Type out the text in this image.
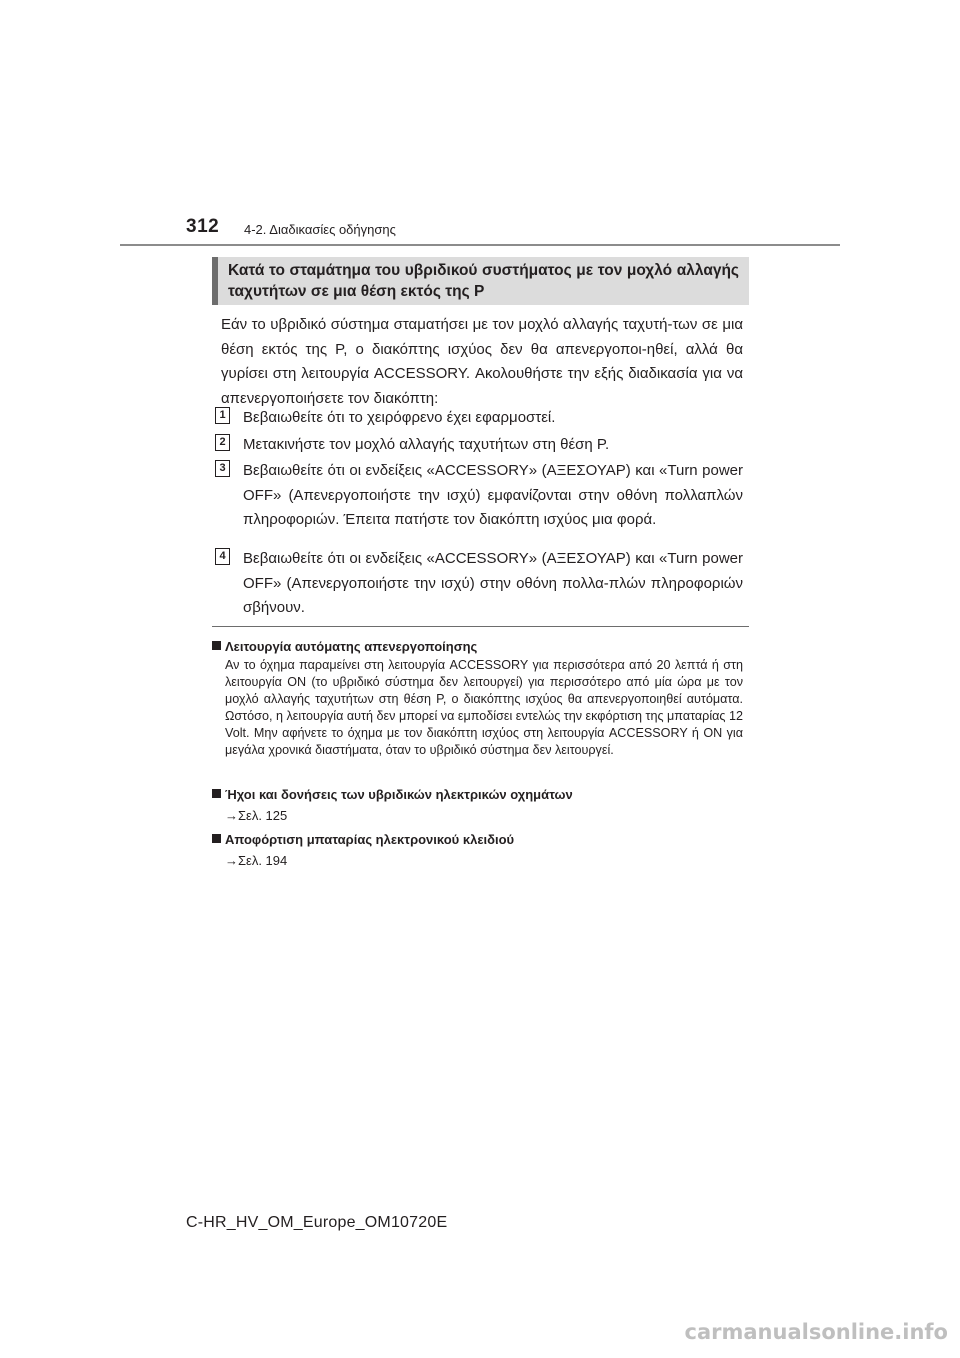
312 4-2. Διαδικασίες οδήγησης
Κατά το σταμάτημα του υβριδικού συστήματος με τον μοχλό αλλαγής ταχυτήτων σε μια θέση εκτός της P

Εάν το υβριδικό σύστημα σταματήσει με τον μοχλό αλλαγής ταχυτή-των σε μια θέση εκτός της P, ο διακόπτης ισχύος δεν θα απενεργοποι-ηθεί, αλλά θα γυρίσει στη λειτουργία ACCESSORY. Ακολουθήστε την εξής διαδικασία για να απενεργοποιήσετε τον διακόπτη:

1 Βεβαιωθείτε ότι το χειρόφρενο έχει εφαρμοστεί.

2 Μετακινήστε τον μοχλό αλλαγής ταχυτήτων στη θέση P.

3 Βεβαιωθείτε ότι οι ενδείξεις «ACCESSORY» (ΑΞΕΣΟΥΑΡ) και «Turn power OFF» (Απενεργοποιήστε την ισχύ) εμφανίζονται στην οθόνη πολλαπλών πληροφοριών. Έπειτα πατήστε τον διακόπτη ισχύος μια φορά.

4 Βεβαιωθείτε ότι οι ενδείξεις «ACCESSORY» (ΑΞΕΣΟΥΑΡ) και «Turn power OFF» (Απενεργοποιήστε την ισχύ) στην οθόνη πολλα-πλών πληροφοριών σβήνουν.

Λειτουργία αυτόματης απενεργοποίησης

Αν το όχημα παραμείνει στη λειτουργία ACCESSORY για περισσότερα από 20 λεπτά ή στη λειτουργία ON (το υβριδικό σύστημα δεν λειτουργεί) για περισσότερο από μία ώρα με τον μοχλό αλλαγής ταχυτήτων στη θέση P, ο διακόπτης ισχύος θα απενεργοποιηθεί αυτόματα. Ωστόσο, η λειτουργία αυτή δεν μπορεί να εμποδίσει εντελώς την εκφόρτιση της μπαταρίας 12 Volt. Μην αφήνετε το όχημα με τον διακόπτη ισχύος στη λειτουργία ACCESSORY ή ON για μεγάλα χρονικά διαστήματα, όταν το υβριδικό σύστημα δεν λειτουργεί.

Ήχοι και δονήσεις των υβριδικών ηλεκτρικών οχημάτων
→Σελ. 125
Αποφόρτιση μπαταρίας ηλεκτρονικού κλειδιού
→Σελ. 194
C-HR_HV_OM_Europe_OM10720E
carmanualsonline.info
